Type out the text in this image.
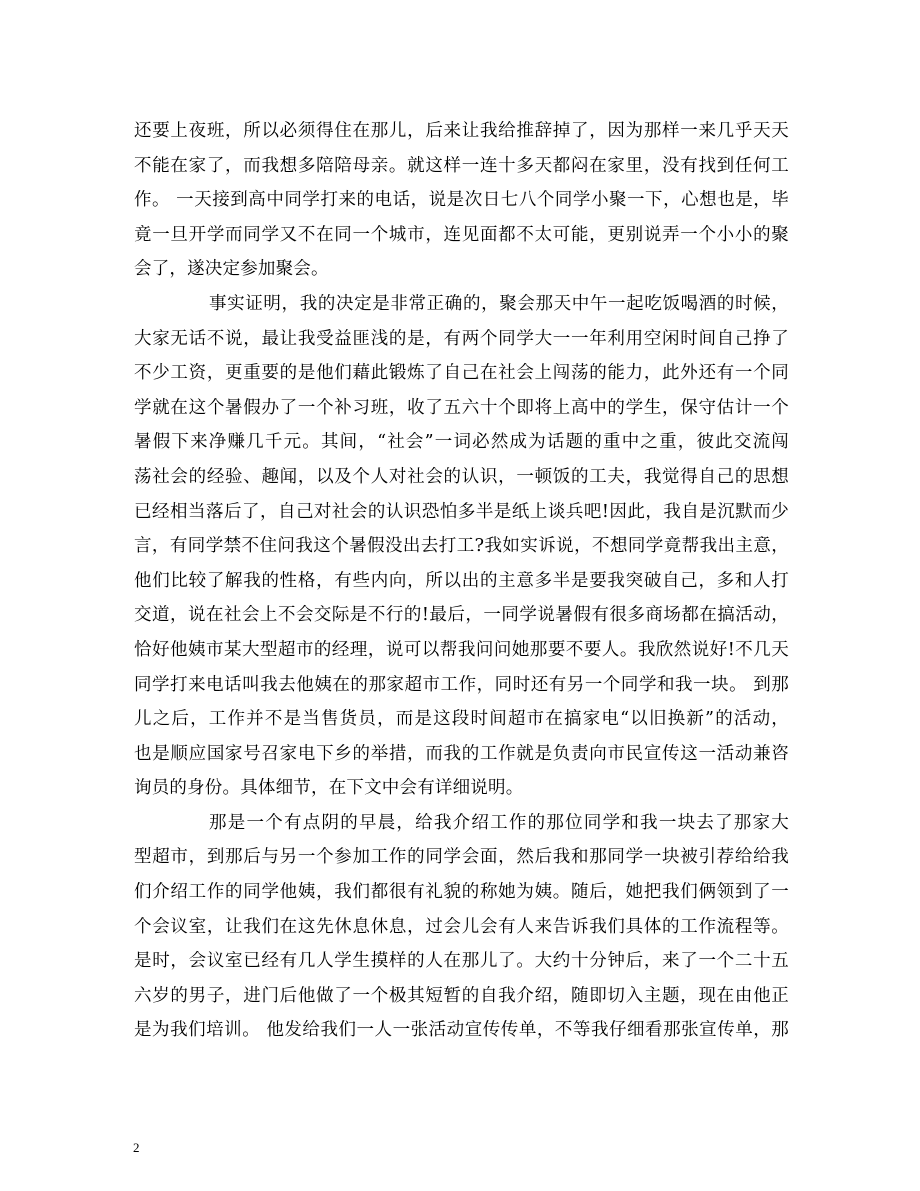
还要上夜班，所以必须得住在那儿，后来让我给推辞掉了，因为那样一来几乎天天
不能在家了，而我想多陪陪母亲。就这样一连十多天都闷在家里，没有找到任何工
作。 一天接到高中同学打来的电话，说是次日七八个同学小聚一下，心想也是，毕
竟一旦开学而同学又不在同一个城市，连见面都不太可能，更别说弄一个小小的聚
会了，遂决定参加聚会。
事实证明，我的决定是非常正确的，聚会那天中午一起吃饭喝酒的时候，
大家无话不说，最让我受益匪浅的是，有两个同学大一一年利用空闲时间自己挣了
不少工资，更重要的是他们藉此锻炼了自己在社会上闯荡的能力，此外还有一个同
学就在这个暑假办了一个补习班，收了五六十个即将上高中的学生，保守估计一个
暑假下来净赚几千元。其间，“社会”一词必然成为话题的重中之重，彼此交流闯
荡社会的经验、趣闻，以及个人对社会的认识，一顿饭的工夫，我觉得自己的思想
已经相当落后了，自己对社会的认识恐怕多半是纸上谈兵吧!因此，我自是沉默而少
言，有同学禁不住问我这个暑假没出去打工?我如实诉说，不想同学竟帮我出主意，
他们比较了解我的性格，有些内向，所以出的主意多半是要我突破自己，多和人打
交道，说在社会上不会交际是不行的!最后，一同学说暑假有很多商场都在搞活动，
恰好他姨市某大型超市的经理，说可以帮我问问她那要不要人。我欣然说好!不几天
同学打来电话叫我去他姨在的那家超市工作，同时还有另一个同学和我一块。 到那
儿之后，工作并不是当售货员，而是这段时间超市在搞家电“以旧换新”的活动，
也是顺应国家号召家电下乡的举措，而我的工作就是负责向市民宣传这一活动兼咨
询员的身份。具体细节，在下文中会有详细说明。
那是一个有点阴的早晨，给我介绍工作的那位同学和我一块去了那家大
型超市，到那后与另一个参加工作的同学会面，然后我和那同学一块被引荐给给我
们介绍工作的同学他姨，我们都很有礼貌的称她为姨。随后，她把我们俩领到了一
个会议室，让我们在这先休息休息，过会儿会有人来告诉我们具体的工作流程等。
是时，会议室已经有几人学生摸样的人在那儿了。大约十分钟后，来了一个二十五
六岁的男子，进门后他做了一个极其短暂的自我介绍，随即切入主题，现在由他正
是为我们培训。 他发给我们一人一张活动宣传传单，不等我仔细看那张宣传单，那
2
